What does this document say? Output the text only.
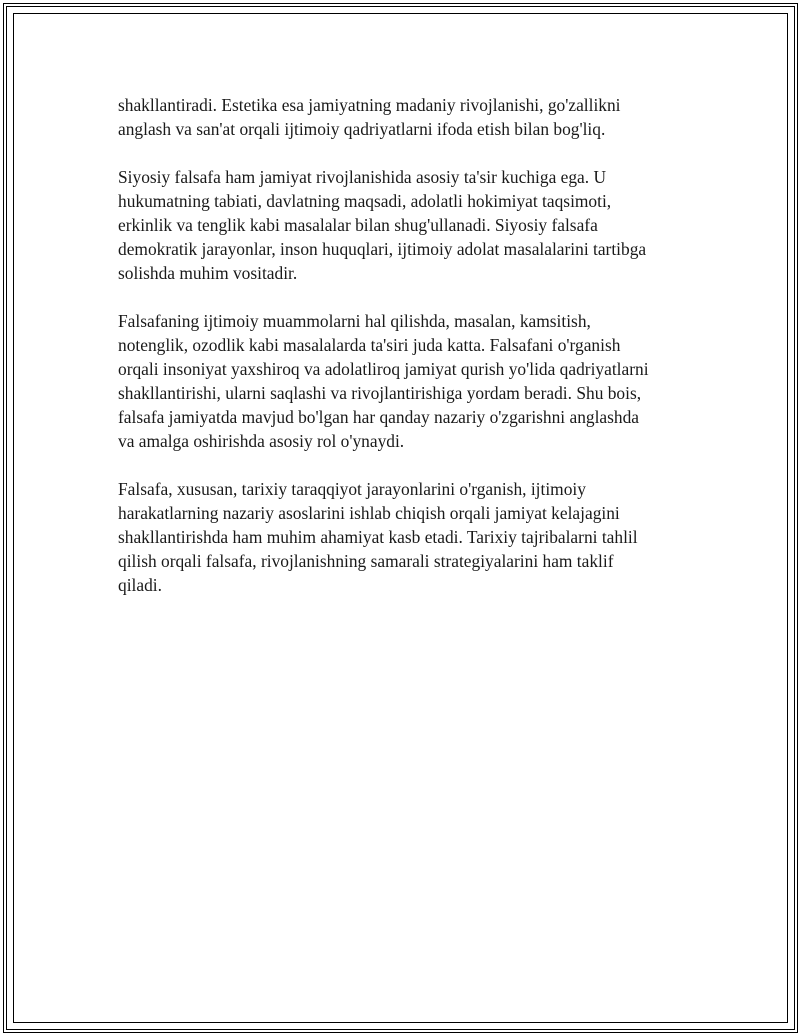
shakllantiradi. Estetika esa jamiyatning madaniy rivojlanishi, go'zallikni
anglash va san'at orqali ijtimoiy qadriyatlarni ifoda etish bilan bog'liq.

Siyosiy falsafa ham jamiyat rivojlanishida asosiy ta'sir kuchiga ega. U
hukumatning tabiati, davlatning maqsadi, adolatli hokimiyat taqsimoti,
erkinlik va tenglik kabi masalalar bilan shug'ullanadi. Siyosiy falsafa
demokratik jarayonlar, inson huquqlari, ijtimoiy adolat masalalarini tartibga
solishda muhim vositadir.

Falsafaning ijtimoiy muammolarni hal qilishda, masalan, kamsitish,
notenglik, ozodlik kabi masalalarda ta'siri juda katta. Falsafani o'rganish
orqali insoniyat yaxshiroq va adolatliroq jamiyat qurish yo'lida qadriyatlarni
shakllantirishi, ularni saqlashi va rivojlantirishiga yordam beradi. Shu bois,
falsafa jamiyatda mavjud bo'lgan har qanday nazariy o'zgarishni anglashda
va amalga oshirishda asosiy rol o'ynaydi.

Falsafa, xususan, tarixiy taraqqiyot jarayonlarini o'rganish, ijtimoiy
harakatlarning nazariy asoslarini ishlab chiqish orqali jamiyat kelajagini
shakllantirishda ham muhim ahamiyat kasb etadi. Tarixiy tajribalarni tahlil
qilish orqali falsafa, rivojlanishning samarali strategiyalarini ham taklif
qiladi.
